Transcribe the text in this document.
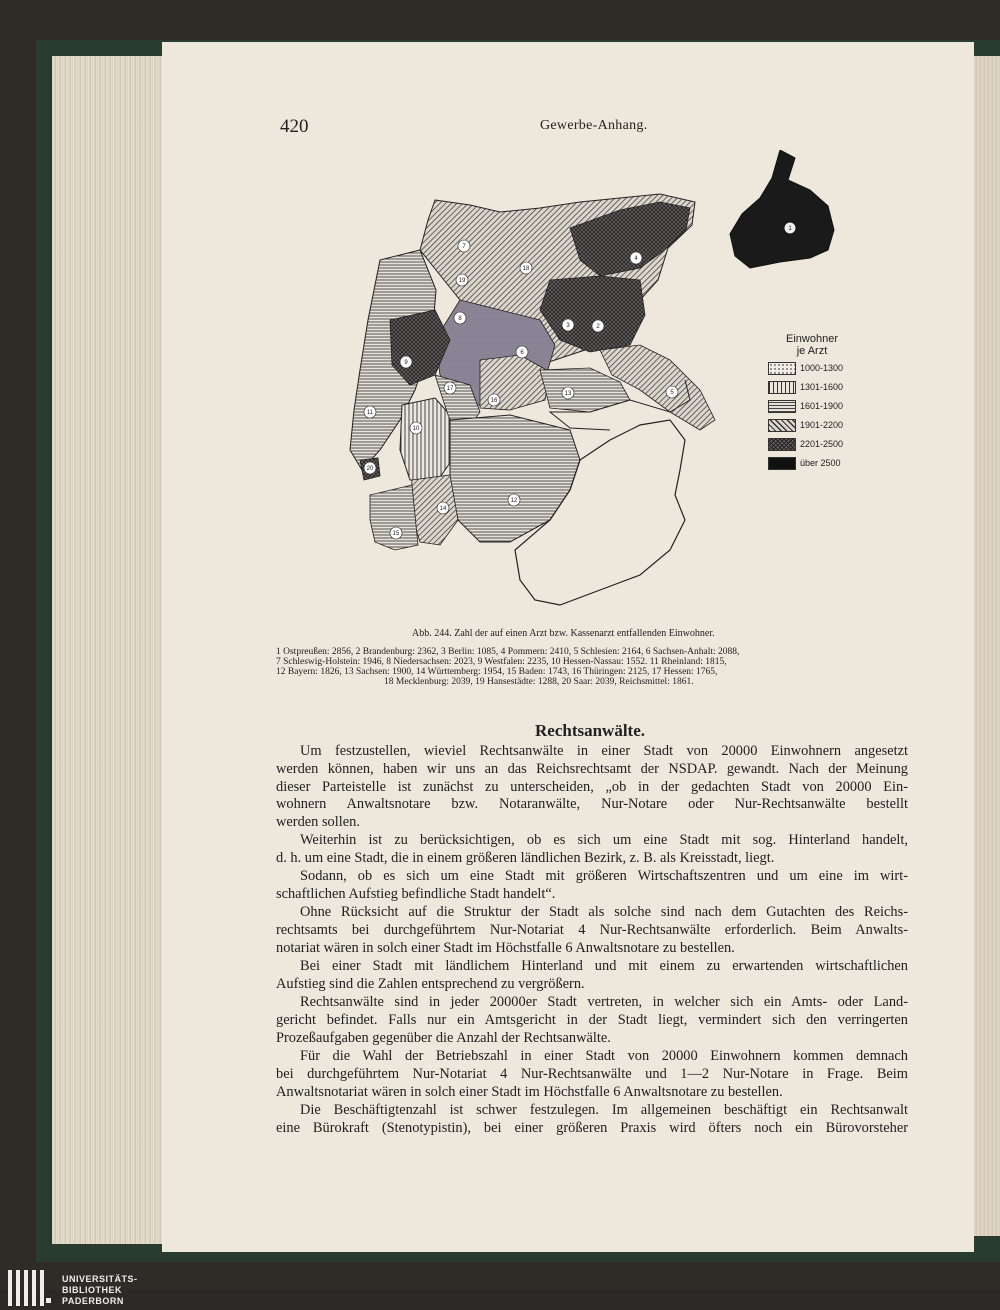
420	Gewerbe-Anhang.
1
2
3
4
5
6
7
8
9
10
11
12
13
14
15
16
17
18
19
20
Einwohner
je Arzt
1000-1300
1301-1600
1601-1900
1901-2200
2201-2500
über 2500
Abb. 244. Zahl der auf einen Arzt bzw. Kassenarzt entfallenden Einwohner.
1 Ostpreußen: 2856, 2 Brandenburg: 2362, 3 Berlin: 1085, 4 Pommern: 2410, 5 Schlesien: 2164, 6 Sachsen-Anhalt: 2088,
7 Schleswig-Holstein: 1946, 8 Niedersachsen: 2023, 9 Westfalen: 2235, 10 Hessen-Nassau: 1552. 11 Rheinland: 1815,
12 Bayern: 1826, 13 Sachsen: 1900, 14 Württemberg: 1954, 15 Baden: 1743, 16 Thüringen: 2125, 17 Hessen: 1765,
18 Mecklenburg: 2039, 19 Hansestädte: 1288, 20 Saar: 2039, Reichsmittel: 1861.
Rechtsanwälte.
Um festzustellen, wieviel Rechtsanwälte in einer Stadt von 20000 Einwohnern angesetzt
werden können, haben wir uns an das Reichsrechtsamt der NSDAP. gewandt. Nach der Meinung
dieser Parteistelle ist zunächst zu unterscheiden, „ob in der gedachten Stadt von 20000 Ein-
wohnern Anwaltsnotare bzw. Notaranwälte, Nur-Notare oder Nur-Rechtsanwälte bestellt
werden sollen.
Weiterhin ist zu berücksichtigen, ob es sich um eine Stadt mit sog. Hinterland handelt,
d. h. um eine Stadt, die in einem größeren ländlichen Bezirk, z. B. als Kreisstadt, liegt.
Sodann, ob es sich um eine Stadt mit größeren Wirtschaftszentren und um eine im wirt-
schaftlichen Aufstieg befindliche Stadt handelt“.
Ohne Rücksicht auf die Struktur der Stadt als solche sind nach dem Gutachten des Reichs-
rechtsamts bei durchgeführtem Nur-Notariat 4 Nur-Rechtsanwälte erforderlich. Beim Anwalts-
notariat wären in solch einer Stadt im Höchstfalle 6 Anwaltsnotare zu bestellen.
Bei einer Stadt mit ländlichem Hinterland und mit einem zu erwartenden wirtschaftlichen
Aufstieg sind die Zahlen entsprechend zu vergrößern.
Rechtsanwälte sind in jeder 20000er Stadt vertreten, in welcher sich ein Amts- oder Land-
gericht befindet. Falls nur ein Amtsgericht in der Stadt liegt, vermindert sich den verringerten
Prozeßaufgaben gegenüber die Anzahl der Rechtsanwälte.
Für die Wahl der Betriebszahl in einer Stadt von 20000 Einwohnern kommen demnach
bei durchgeführtem Nur-Notariat 4 Nur-Rechtsanwälte und 1—2 Nur-Notare in Frage. Beim
Anwaltsnotariat wären in solch einer Stadt im Höchstfalle 6 Anwaltsnotare zu bestellen.
Die Beschäftigtenzahl ist schwer festzulegen. Im allgemeinen beschäftigt ein Rechtsanwalt
eine Bürokraft (Stenotypistin), bei einer größeren Praxis wird öfters noch ein Bürovorsteher
UNIVERSITÄTS-
BIBLIOTHEK
PADERBORN
